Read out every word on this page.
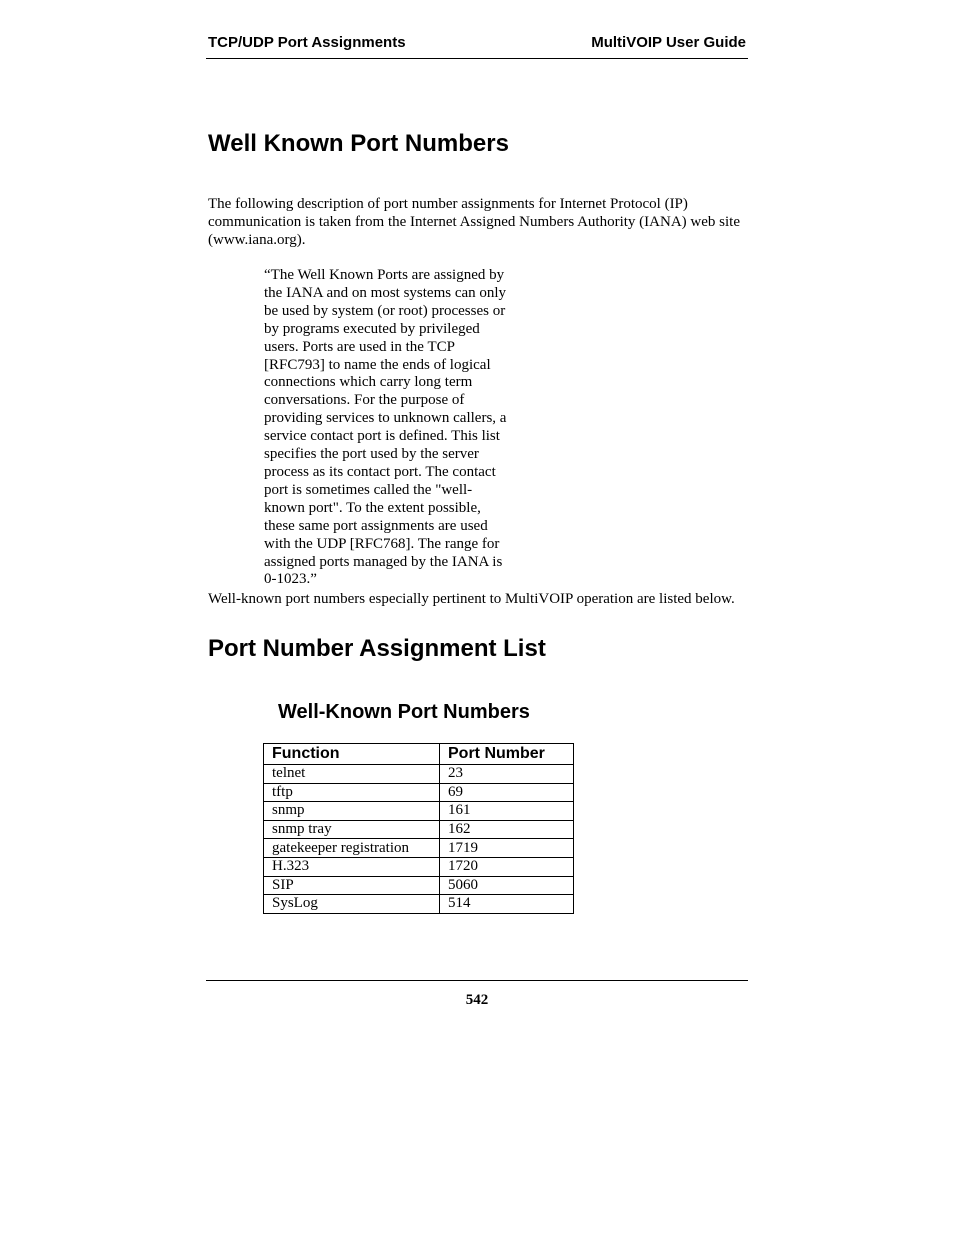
TCP/UDP Port Assignments	MultiVOIP User Guide
Well Known Port Numbers

The following description of port number assignments for Internet Protocol (IP) communication is taken from the Internet Assigned Numbers Authority (IANA) web site (www.iana.org).

“The Well Known Ports are assigned by
the IANA and on most systems can only
be used by system (or root) processes or
by programs executed by privileged
users. Ports are used in the TCP
[RFC793] to name the ends of logical
connections which carry long term
conversations. For the purpose of
providing services to unknown callers, a
service contact port is defined. This list
specifies the port used by the server
process as its contact port. The contact
port is sometimes called the "well-
known port". To the extent possible,
these same port assignments are used
with the UDP [RFC768]. The range for
assigned ports managed by the IANA is
0-1023.”

Well-known port numbers especially pertinent to MultiVOIP operation are listed below.

Port Number Assignment List
Well-Known Port Numbers
Function	Port Number
telnet	23
tftp	69
snmp	161
snmp tray	162
gatekeeper registration	1719
H.323	1720
SIP	5060
SysLog	514
542
